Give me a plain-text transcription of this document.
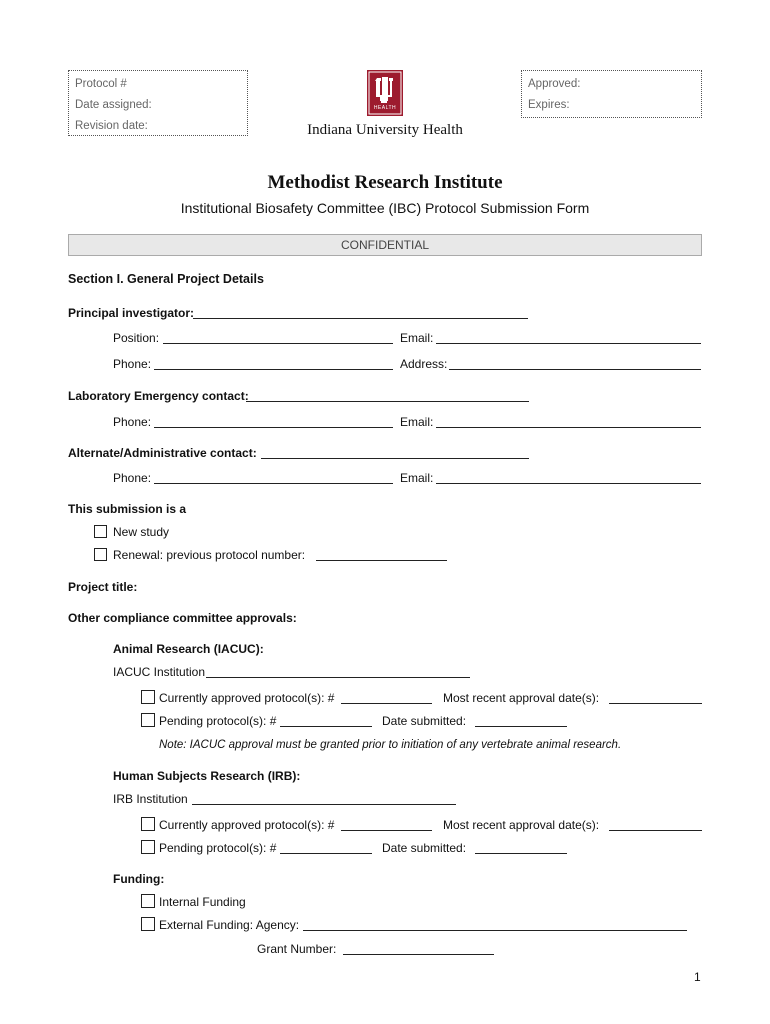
Protocol #
Date assigned:
Revision date:
Approved:
Expires:
HEALTH
Indiana University Health
Methodist Research Institute
Institutional Biosafety Committee (IBC) Protocol Submission Form
CONFIDENTIAL
Section I. General Project Details
Principal investigator:
Position:	Email:
Phone:	Address:
Laboratory Emergency contact:
Phone:	Email:
Alternate/Administrative contact:
Phone:	Email:
This submission is a
New study
Renewal: previous protocol number:
Project title:
Other compliance committee approvals:
Animal Research (IACUC):
IACUC Institution
Currently approved protocol(s): #	Most recent approval date(s):
Pending protocol(s): #	Date submitted:
Note: IACUC approval must be granted prior to initiation of any vertebrate animal research.
Human Subjects Research (IRB):
IRB Institution
Currently approved protocol(s): #	Most recent approval date(s):
Pending protocol(s): #	Date submitted:
Funding:
Internal Funding
External Funding: Agency:
Grant Number:
1
